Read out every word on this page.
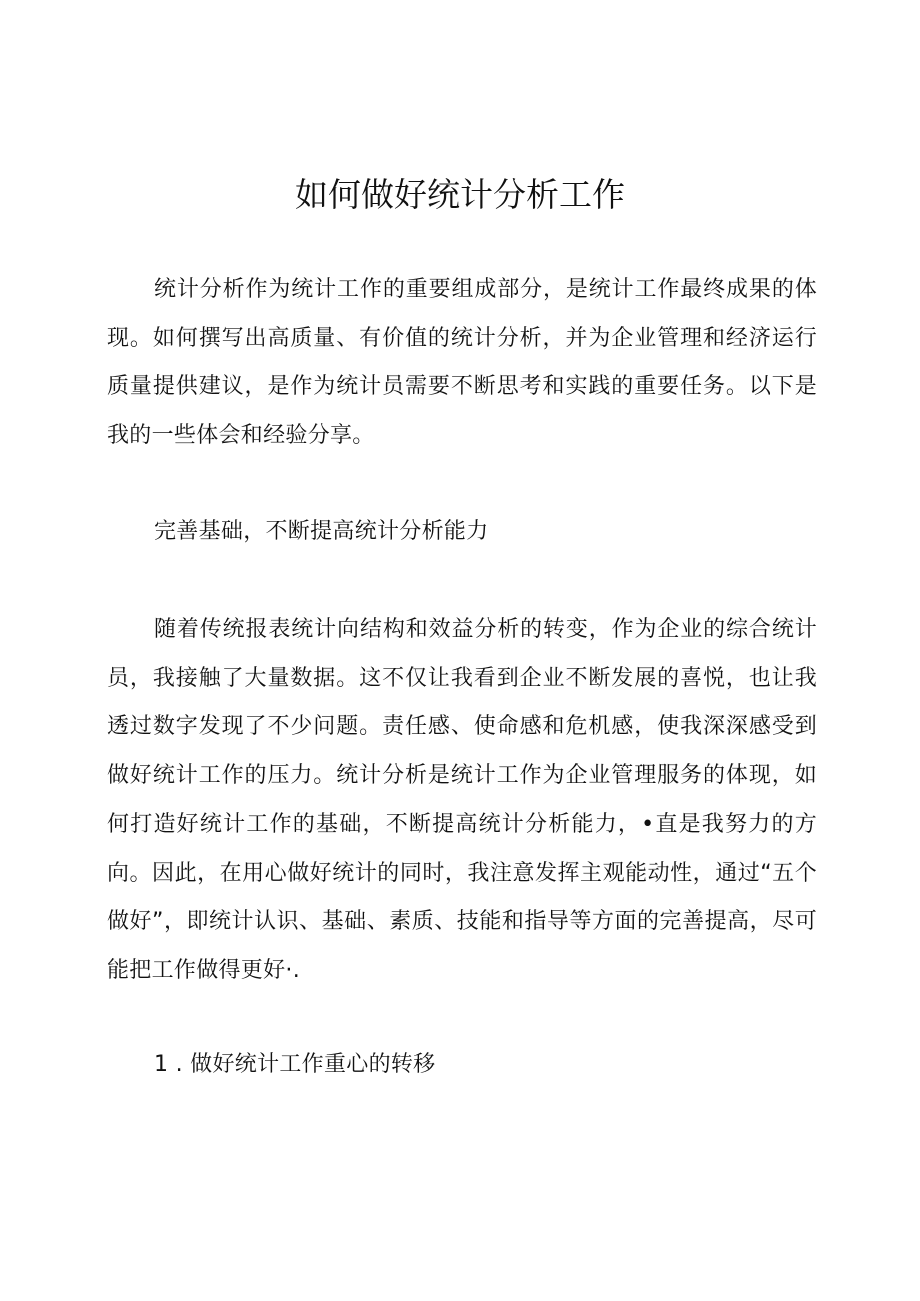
如何做好统计分析工作

统计分析作为统计工作的重要组成部分，是统计工作最终成果的体现。如何撰写出高质量、有价值的统计分析，并为企业管理和经济运行质量提供建议，是作为统计员需要不断思考和实践的重要任务。以下是我的一些体会和经验分享。

完善基础，不断提高统计分析能力

随着传统报表统计向结构和效益分析的转变，作为企业的综合统计员，我接触了大量数据。这不仅让我看到企业不断发展的喜悦，也让我透过数字发现了不少问题。责任感、使命感和危机感，使我深深感受到做好统计工作的压力。统计分析是统计工作为企业管理服务的体现，如何打造好统计工作的基础，不断提高统计分析能力，•直是我努力的方向。因此，在用心做好统计的同时，我注意发挥主观能动性，通过“五个做好”，即统计认识、基础、素质、技能和指导等方面的完善提高，尽可能把工作做得更好·.

1 . 做好统计工作重心的转移
